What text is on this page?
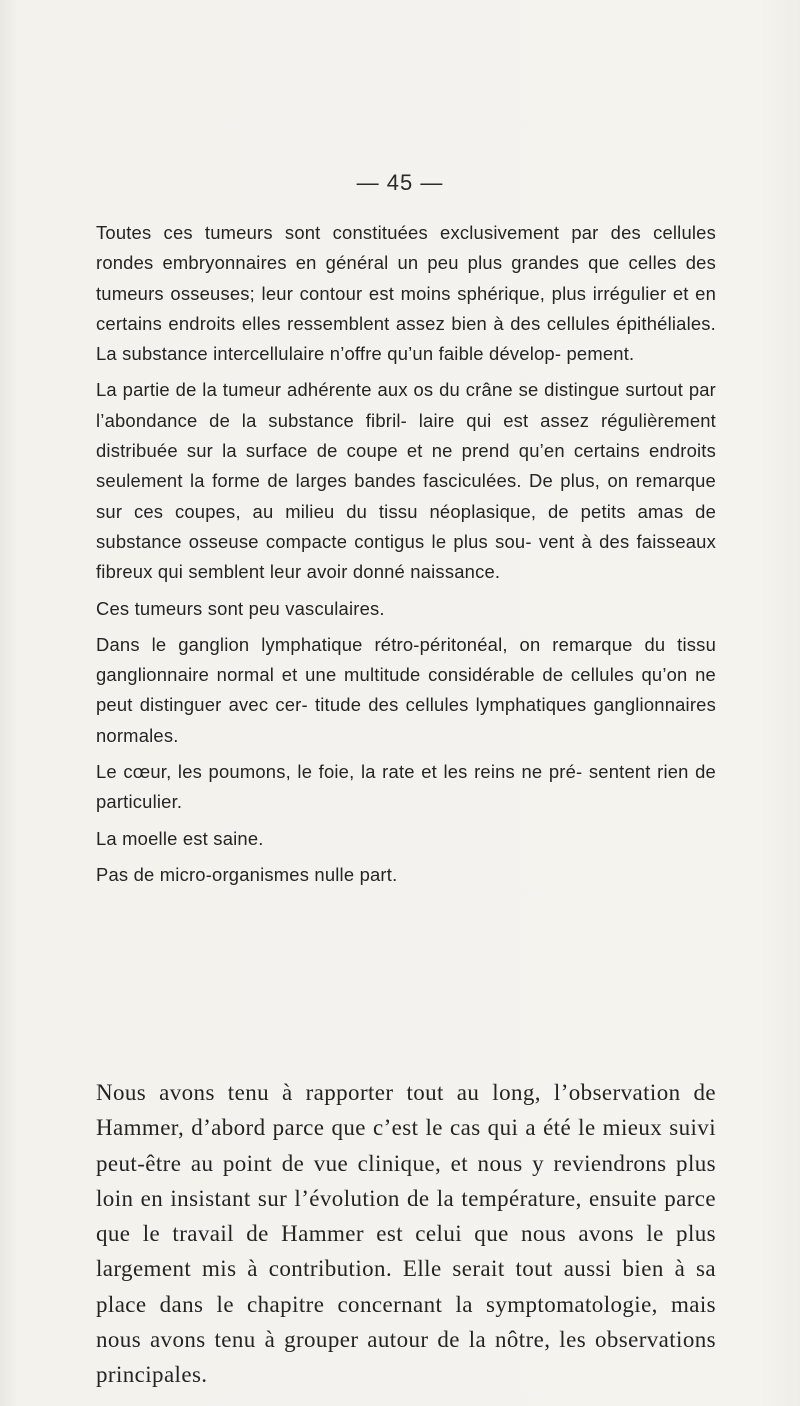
— 45 —

Toutes ces tumeurs sont constituées exclusivement par des cellules rondes embryonnaires en général un peu plus grandes que celles des tumeurs osseuses; leur contour est moins sphérique, plus irrégulier et en certains endroits elles ressemblent assez bien à des cellules épithéliales. La substance intercellulaire n’offre qu’un faible dévelop- pement.

La partie de la tumeur adhérente aux os du crâne se distingue surtout par l’abondance de la substance fibril- laire qui est assez régulièrement distribuée sur la surface de coupe et ne prend qu’en certains endroits seulement la forme de larges bandes fasciculées. De plus, on remarque sur ces coupes, au milieu du tissu néoplasique, de petits amas de substance osseuse compacte contigus le plus sou- vent à des faisseaux fibreux qui semblent leur avoir donné naissance.

Ces tumeurs sont peu vasculaires.

Dans le ganglion lymphatique rétro-péritonéal, on remarque du tissu ganglionnaire normal et une multitude considérable de cellules qu’on ne peut distinguer avec cer- titude des cellules lymphatiques ganglionnaires normales.

Le cœur, les poumons, le foie, la rate et les reins ne pré- sentent rien de particulier.

La moelle est saine.

Pas de micro-organismes nulle part.

Nous avons tenu à rapporter tout au long, l’observation de Hammer, d’abord parce que c’est le cas qui a été le mieux suivi peut-être au point de vue clinique, et nous y reviendrons plus loin en insistant sur l’évolution de la température, ensuite parce que le travail de Hammer est celui que nous avons le plus largement mis à contribution. Elle serait tout aussi bien à sa place dans le chapitre concernant la symptomatologie, mais nous avons tenu à grouper autour de la nôtre, les observations principales.
